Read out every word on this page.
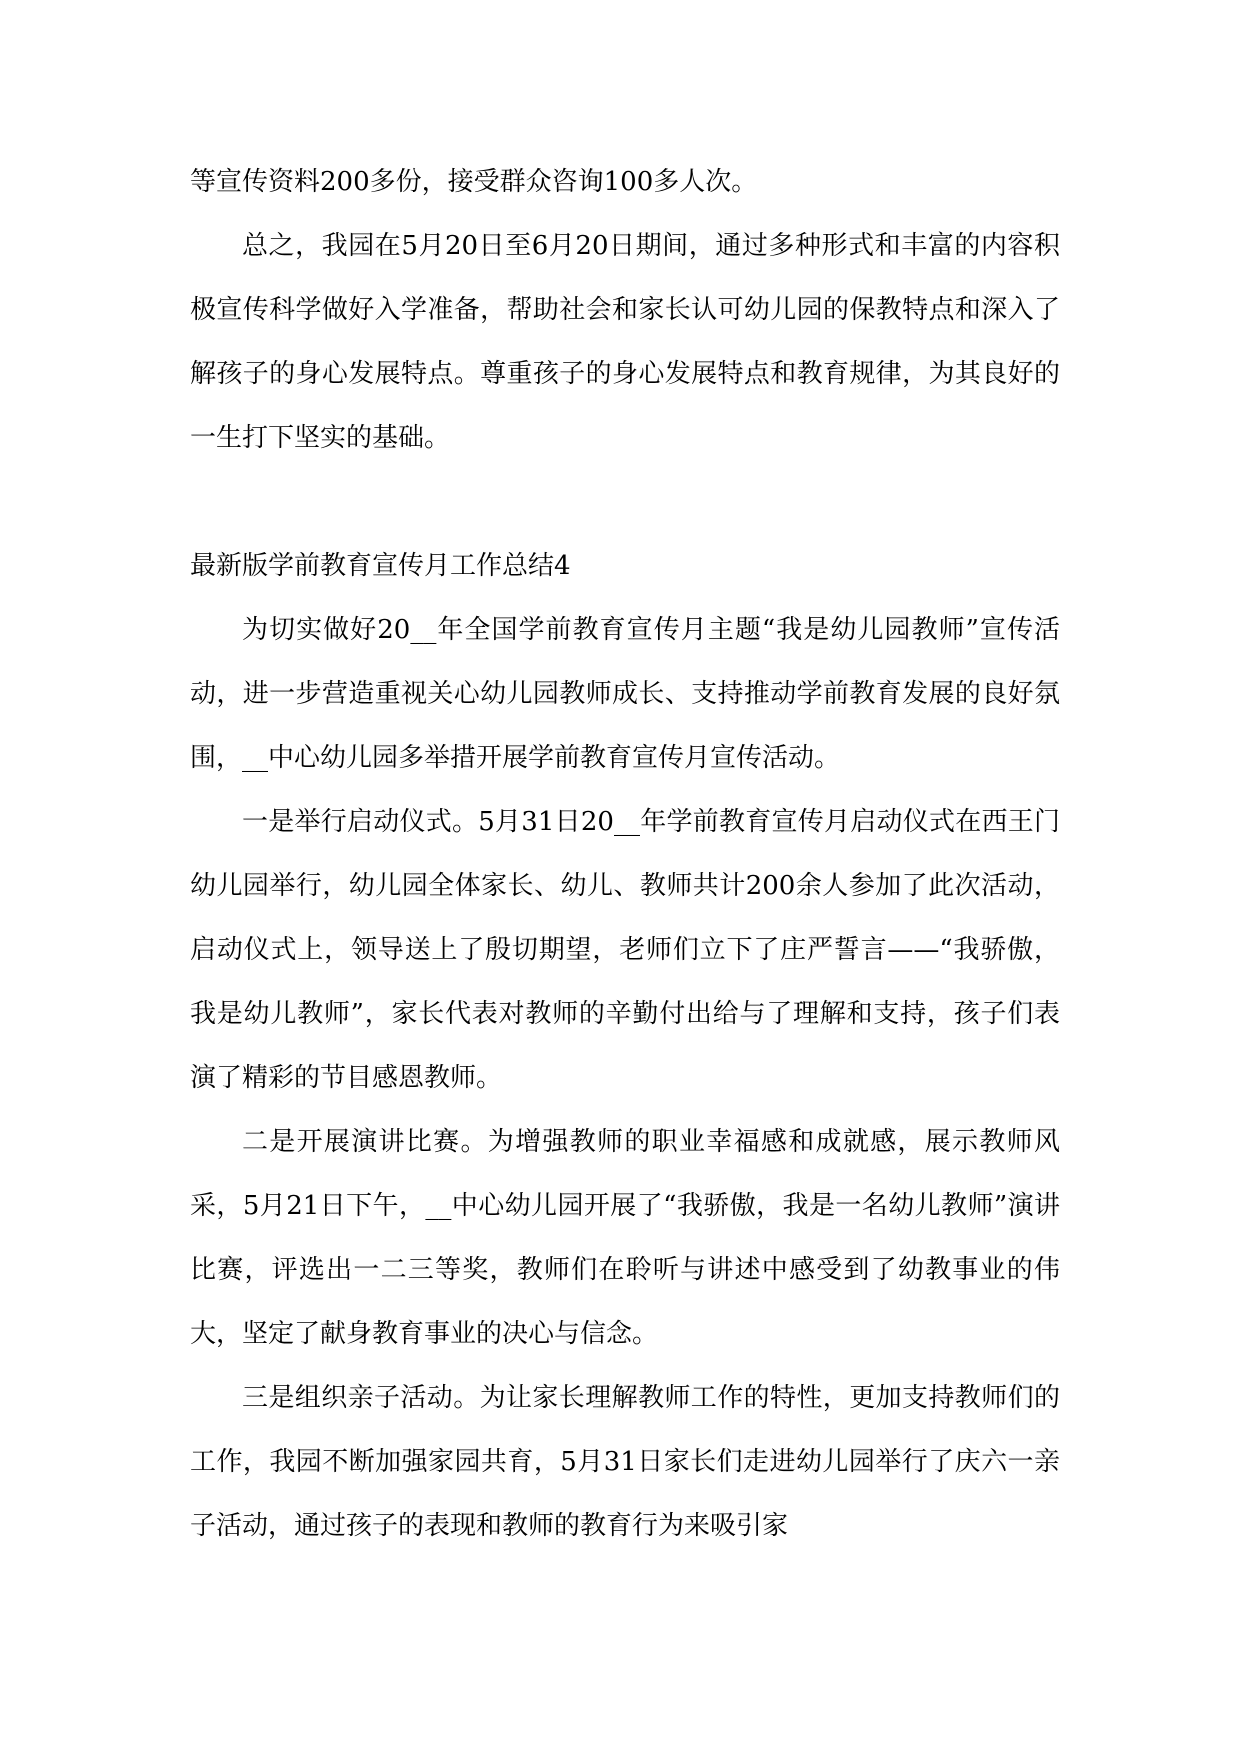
等宣传资料200多份，接受群众咨询100多人次。

总之，我园在5月20日至6月20日期间，通过多种形式和丰富的内容积极宣传科学做好入学准备，帮助社会和家长认可幼儿园的保教特点和深入了解孩子的身心发展特点。尊重孩子的身心发展特点和教育规律，为其良好的一生打下坚实的基础。

最新版学前教育宣传月工作总结4

为切实做好20__年全国学前教育宣传月主题“我是幼儿园教师”宣传活动，进一步营造重视关心幼儿园教师成长、支持推动学前教育发展的良好氛围，__中心幼儿园多举措开展学前教育宣传月宣传活动。

一是举行启动仪式。5月31日20__年学前教育宣传月启动仪式在西王门幼儿园举行，幼儿园全体家长、幼儿、教师共计200余人参加了此次活动，启动仪式上，领导送上了殷切期望，老师们立下了庄严誓言——“我骄傲，我是幼儿教师”，家长代表对教师的辛勤付出给与了理解和支持，孩子们表演了精彩的节目感恩教师。

二是开展演讲比赛。为增强教师的职业幸福感和成就感，展示教师风采，5月21日下午，__中心幼儿园开展了“我骄傲，我是一名幼儿教师”演讲比赛，评选出一二三等奖，教师们在聆听与讲述中感受到了幼教事业的伟大，坚定了献身教育事业的决心与信念。

三是组织亲子活动。为让家长理解教师工作的特性，更加支持教师们的工作，我园不断加强家园共育，5月31日家长们走进幼儿园举行了庆六一亲子活动，通过孩子的表现和教师的教育行为来吸引家
